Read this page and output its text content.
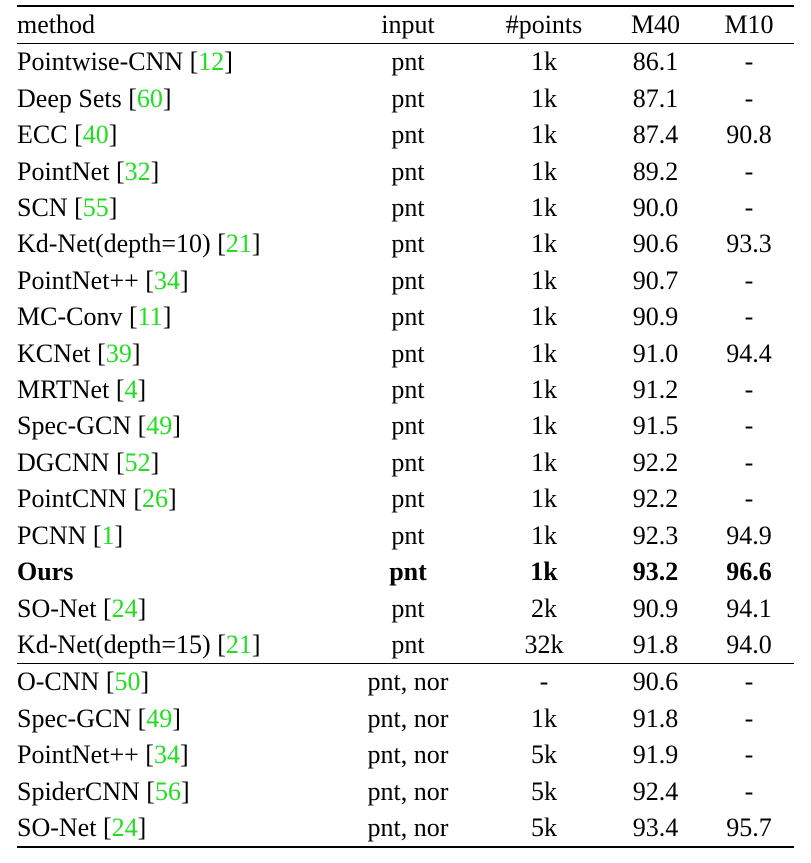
method	input	#points	M40	M10
Pointwise-CNN [12]	pnt	1k	86.1	-
Deep Sets [60]	pnt	1k	87.1	-
ECC [40]	pnt	1k	87.4	90.8
PointNet [32]	pnt	1k	89.2	-
SCN [55]	pnt	1k	90.0	-
Kd-Net(depth=10) [21]	pnt	1k	90.6	93.3
PointNet++ [34]	pnt	1k	90.7	-
MC-Conv [11]	pnt	1k	90.9	-
KCNet [39]	pnt	1k	91.0	94.4
MRTNet [4]	pnt	1k	91.2	-
Spec-GCN [49]	pnt	1k	91.5	-
DGCNN [52]	pnt	1k	92.2	-
PointCNN [26]	pnt	1k	92.2	-
PCNN [1]	pnt	1k	92.3	94.9
Ours	pnt	1k	93.2	96.6
SO-Net [24]	pnt	2k	90.9	94.1
Kd-Net(depth=15) [21]	pnt	32k	91.8	94.0
O-CNN [50]	pnt, nor	-	90.6	-
Spec-GCN [49]	pnt, nor	1k	91.8	-
PointNet++ [34]	pnt, nor	5k	91.9	-
SpiderCNN [56]	pnt, nor	5k	92.4	-
SO-Net [24]	pnt, nor	5k	93.4	95.7
